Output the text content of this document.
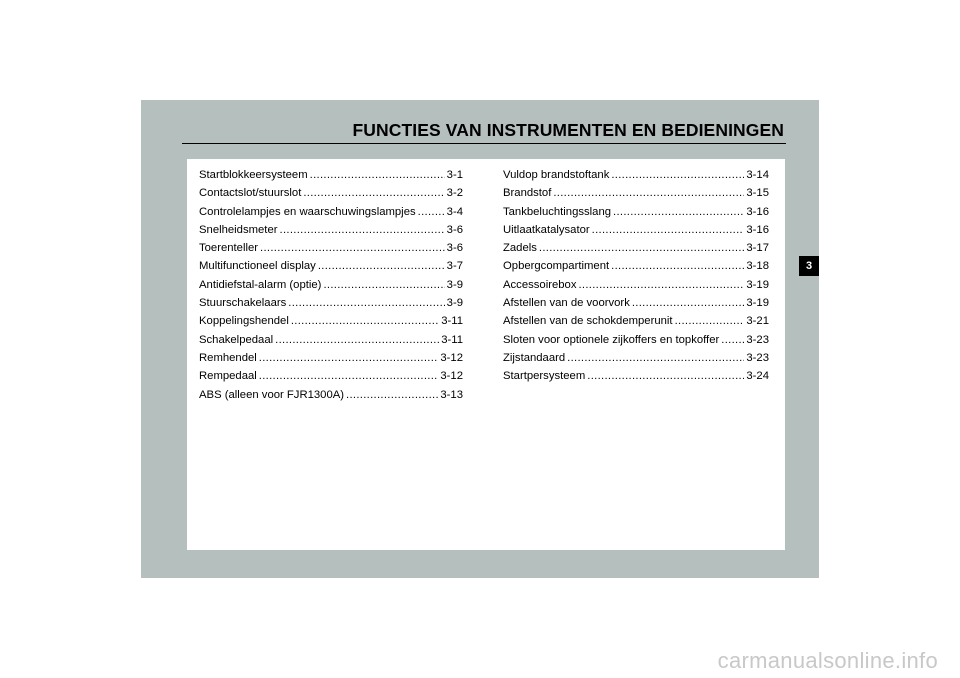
FUNCTIES VAN INSTRUMENTEN EN BEDIENINGEN
Startblokkeersysteem .....	3-1
Contactslot/stuurslot .....	3-2
Controlelampjes en waarschuwingslampjes .....	3-4
Snelheidsmeter .....	3-6
Toerenteller .....	3-6
Multifunctioneel display .....	3-7
Antidiefstal-alarm (optie) .....	3-9
Stuurschakelaars .....	3-9
Koppelingshendel .....	3-11
Schakelpedaal .....	3-11
Remhendel .....	3-12
Rempedaal .....	3-12
ABS (alleen voor FJR1300A) .....	3-13
Vuldop brandstoftank .....	3-14
Brandstof .....	3-15
Tankbeluchtingsslang .....	3-16
Uitlaatkatalysator .....	3-16
Zadels .....	3-17
Opbergcompartiment .....	3-18
Accessoirebox .....	3-19
Afstellen van de voorvork .....	3-19
Afstellen van de schokdemperunit .....	3-21
Sloten voor optionele zijkoffers en topkoffer ..... 3-23
Zijstandaard .....	3-23
Startpersysteem .....	3-24
3
carmanualsonline.info
